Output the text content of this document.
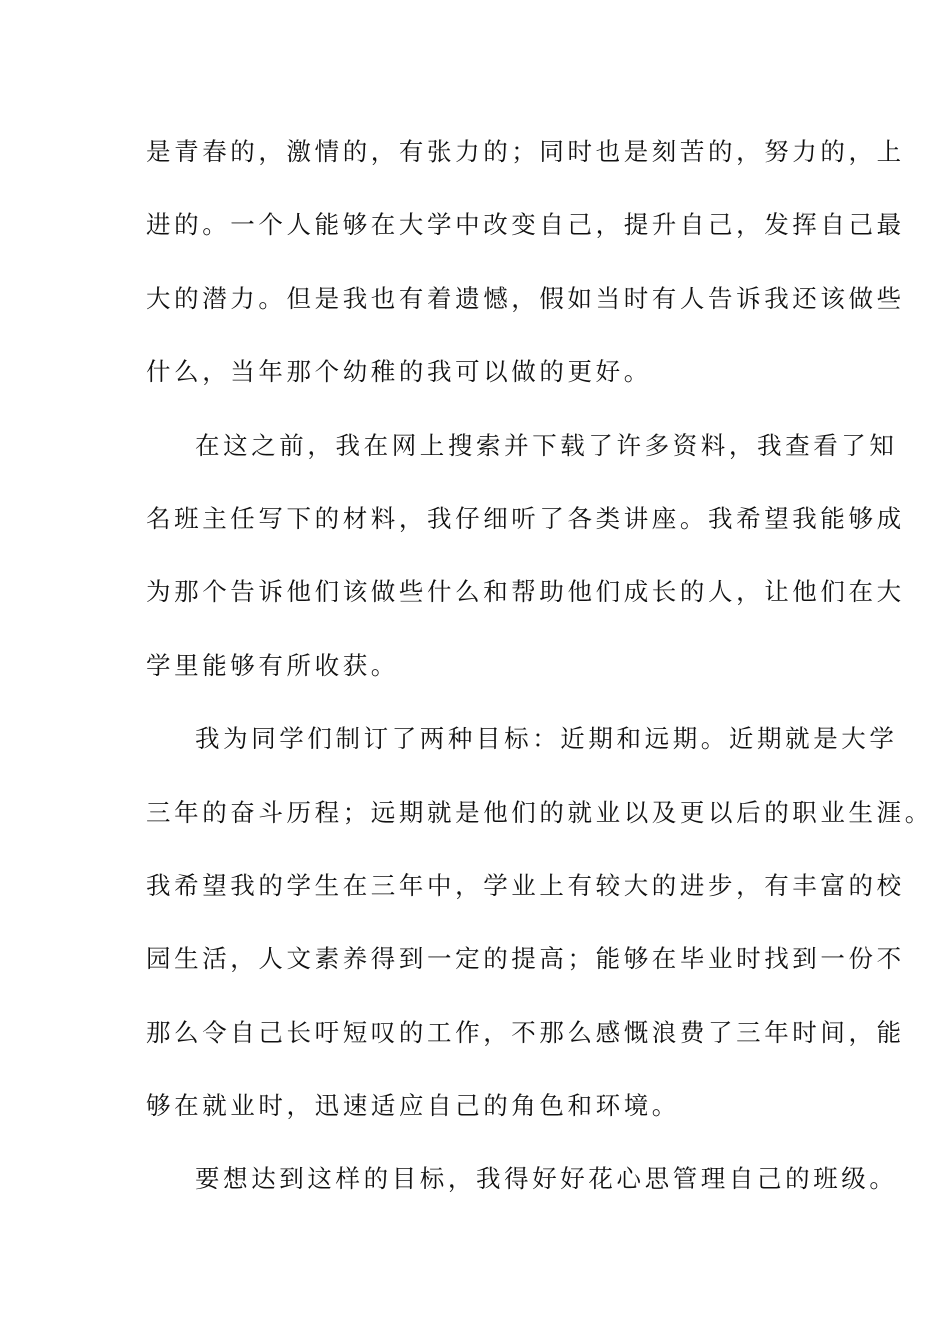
是青春的，激情的，有张力的；同时也是刻苦的，努力的，上
进的。一个人能够在大学中改变自己，提升自己，发挥自己最
大的潜力。但是我也有着遗憾，假如当时有人告诉我还该做些
什么，当年那个幼稚的我可以做的更好。
在这之前，我在网上搜索并下载了许多资料，我查看了知
名班主任写下的材料，我仔细听了各类讲座。我希望我能够成
为那个告诉他们该做些什么和帮助他们成长的人，让他们在大
学里能够有所收获。
我为同学们制订了两种目标：近期和远期。近期就是大学
三年的奋斗历程；远期就是他们的就业以及更以后的职业生涯。
我希望我的学生在三年中，学业上有较大的进步，有丰富的校
园生活，人文素养得到一定的提高；能够在毕业时找到一份不
那么令自己长吁短叹的工作，不那么感慨浪费了三年时间，能
够在就业时，迅速适应自己的角色和环境。
要想达到这样的目标，我得好好花心思管理自己的班级。
